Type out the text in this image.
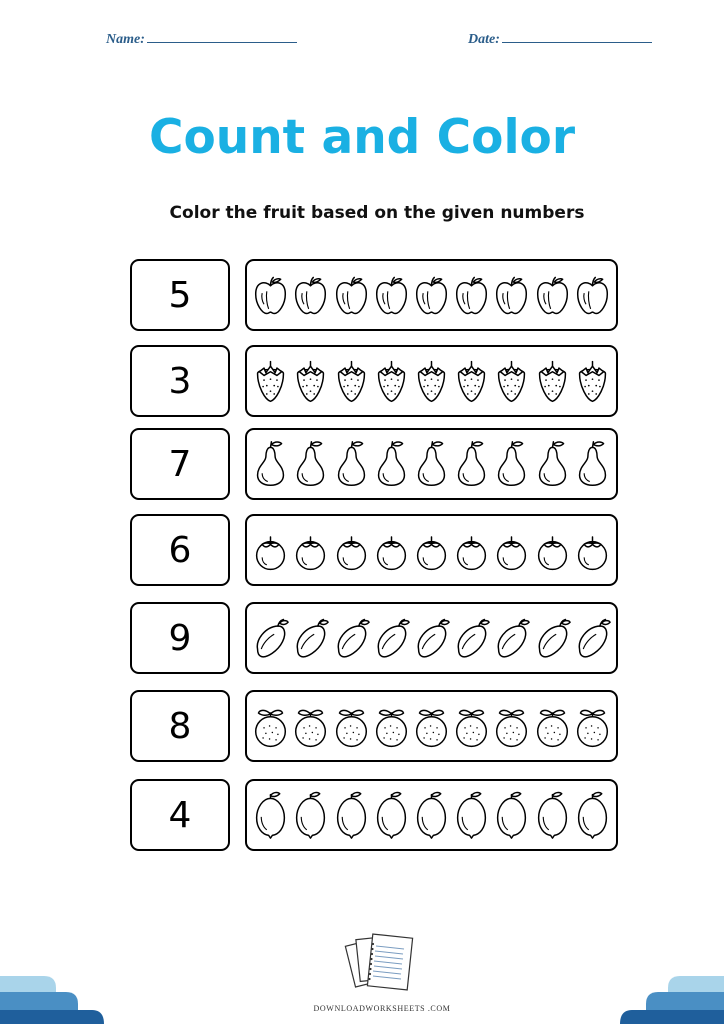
Name:	Date:
Count and Color
Color the fruit based on the given numbers
5
3
7
6
9
8
4
DOWNLOADWORKSHEETS .COM
